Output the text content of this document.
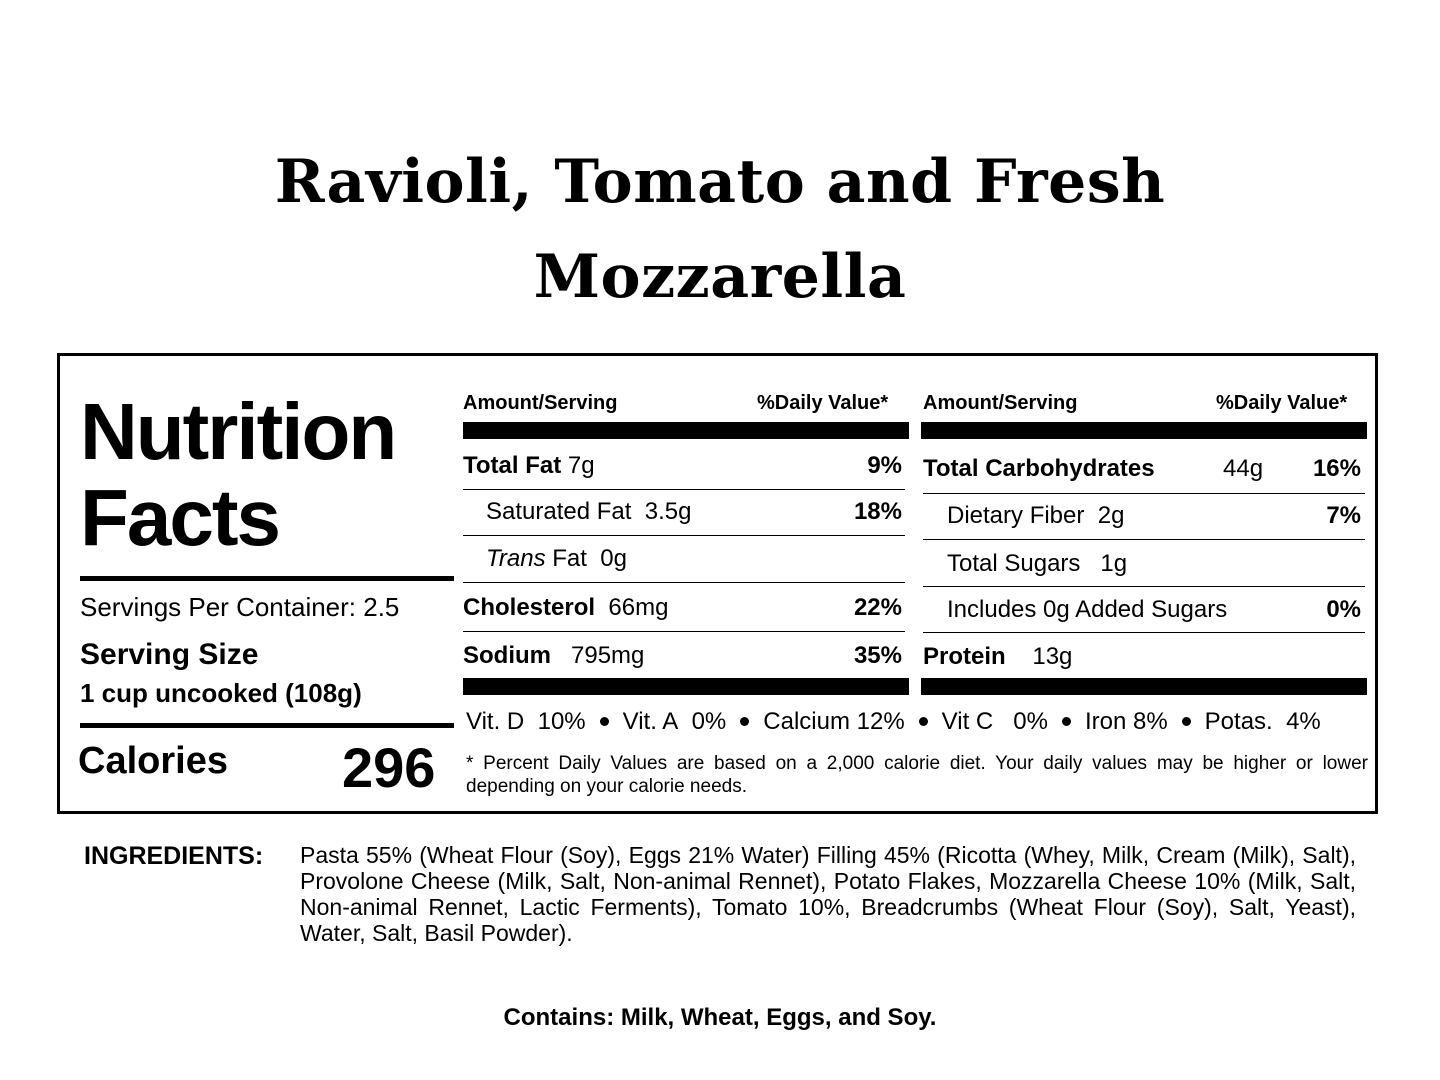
Ravioli, Tomato and Fresh
Mozzarella
Nutrition
Facts
Servings Per Container: 2.5
Serving Size
1 cup uncooked (108g)
Calories 296
Amount/Serving	%Daily Value*
Total Fat 7g	9%
Saturated Fat 3.5g	18%
Trans Fat 0g
Cholesterol 66mg	22%
Sodium 795mg	35%
Amount/Serving	%Daily Value*
Total Carbohydrates	44g 16%
Dietary Fiber 2g	7%
Total Sugars 1g
Includes 0g Added Sugars	0%
Protein 13g
Vit. D 10% Vit. A 0% Calcium 12% Vit C 0% Iron 8% Potas. 4%
* Percent Daily Values are based on a 2,000 calorie diet. Your daily values may be higher or lower depending on your calorie needs.
INGREDIENTS: Pasta 55% (Wheat Flour (Soy), Eggs 21% Water) Filling 45% (Ricotta (Whey, Milk, Cream (Milk), Salt), Provolone Cheese (Milk, Salt, Non-animal Rennet), Potato Flakes, Mozzarella Cheese 10% (Milk, Salt, Non-animal Rennet, Lactic Ferments), Tomato 10%, Breadcrumbs (Wheat Flour (Soy), Salt, Yeast), Water, Salt, Basil Powder).
Contains: Milk, Wheat, Eggs, and Soy.
